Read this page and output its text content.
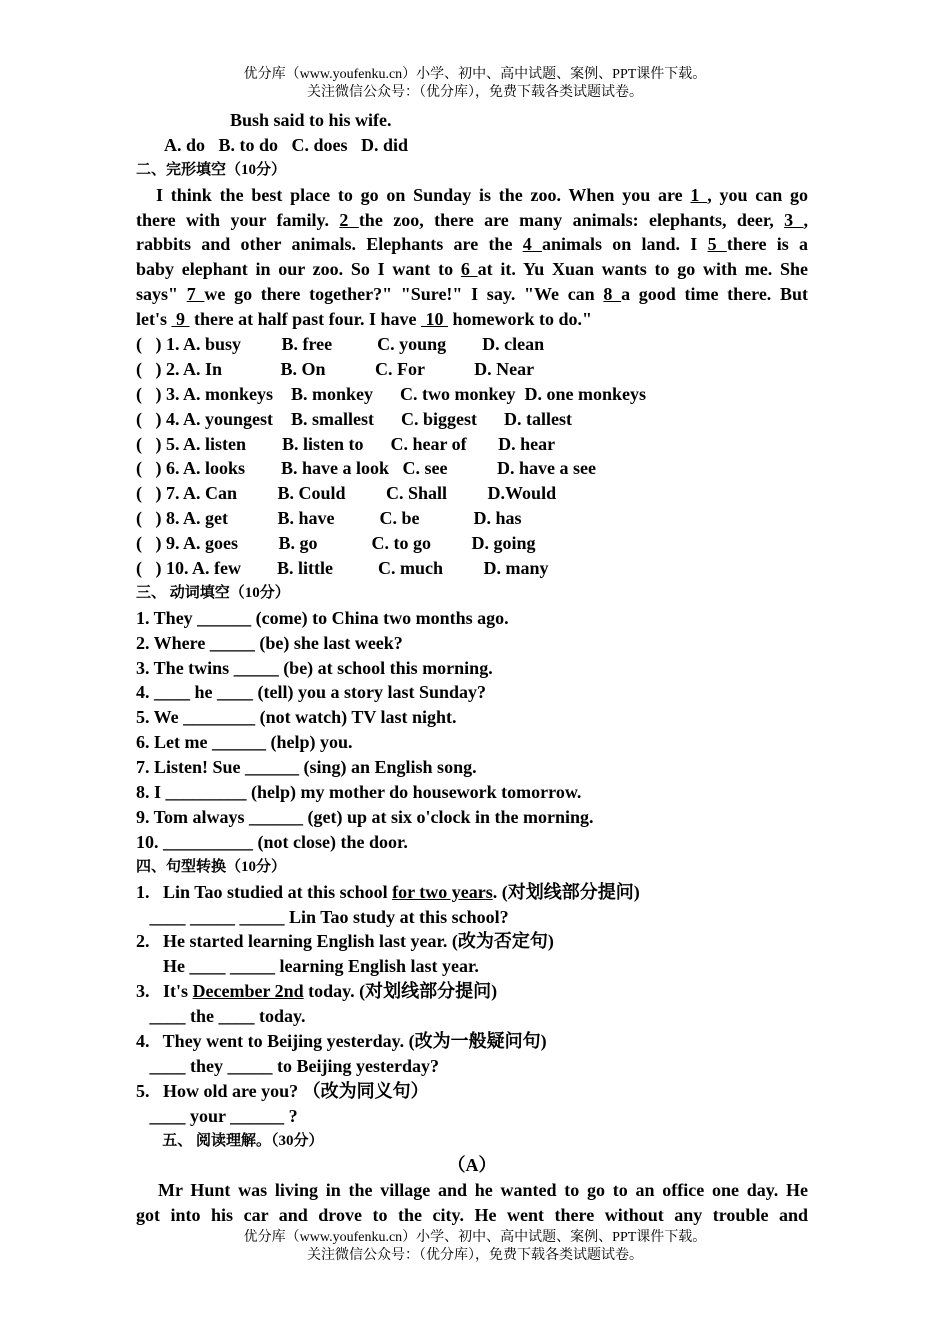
优分库（www.youfenku.cn）小学、初中、高中试题、案例、PPT课件下载。
关注微信公众号：（优分库），免费下载各类试题试卷。
Bush said to his wife.
A. do   B. to do   C. does   D. did
二、完形填空（10分）
I think the best place to go on Sunday is the zoo. When you are 1 , you can go
there with your family. 2 the zoo, there are many animals: elephants, deer, 3 ,
rabbits and other animals. Elephants are the 4 animals on land. I 5 there is a
baby elephant in our zoo. So I want to 6 at it. Yu Xuan wants to go with me. She
says" 7 we go there together?" "Sure!" I say. "We can 8 a good time there. But
let's  9  there at half past four. I have  10  homework to do."
(   ) 1. A. busy         B. free          C. young        D. clean
(   ) 2. A. In             B. On           C. For           D. Near
(   ) 3. A. monkeys    B. monkey      C. two monkey  D. one monkeys
(   ) 4. A. youngest    B. smallest      C. biggest      D. tallest
(   ) 5. A. listen        B. listen to      C. hear of       D. hear
(   ) 6. A. looks        B. have a look   C. see           D. have a see
(   ) 7. A. Can         B. Could         C. Shall         D.Would
(   ) 8. A. get           B. have          C. be            D. has
(   ) 9. A. goes         B. go            C. to go         D. going
(   ) 10. A. few        B. little          C. much         D. many
三、 动词填空（10分）
1. They ______ (come) to China two months ago.
2. Where _____ (be) she last week?
3. The twins _____ (be) at school this morning.
4. ____ he ____ (tell) you a story last Sunday?
5. We ________ (not watch) TV last night.
6. Let me ______ (help) you.
7. Listen! Sue ______ (sing) an English song.
8. I _________ (help) my mother do housework tomorrow.
9. Tom always ______ (get) up at six o'clock in the morning.
10. __________ (not close) the door.
四、句型转换（10分）
1.   Lin Tao studied at this school for two years. (对划线部分提问)
____ _____ _____ Lin Tao study at this school?
2.   He started learning English last year. (改为否定句)
He ____ _____ learning English last year.
3.   It's December 2nd today. (对划线部分提问)
____ the ____ today.
4.   They went to Beijing yesterday. (改为一般疑问句)
____ they _____ to Beijing yesterday?
5.   How old are you? （改为同义句）
____ your ______ ?
五、 阅读理解。（30分）
（A）
Mr Hunt was living in the village and he wanted to go to an office one day. He
got into his car and drove to the city. He went there without any trouble and
优分库（www.youfenku.cn）小学、初中、高中试题、案例、PPT课件下载。
关注微信公众号：（优分库），免费下载各类试题试卷。
